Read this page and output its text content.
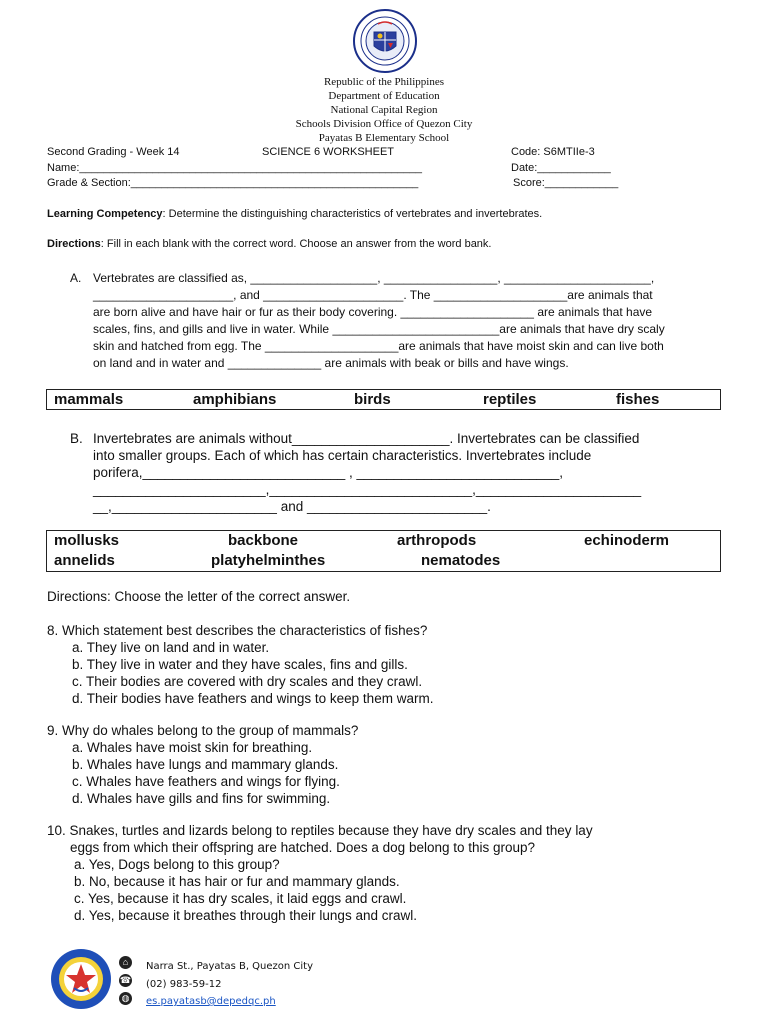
Republic of the Philippines
Department of Education
National Capital Region
Schools Division Office of Quezon City
Payatas B Elementary School
Second Grading - Week 14	SCIENCE 6 WORKSHEET	Code: S6MTIIe-3
Name:________________________________________________________	Date:____________
Grade & Section:_______________________________________________	Score:____________
Learning Competency: Determine the distinguishing characteristics of vertebrates and invertebrates.
Directions: Fill in each blank with the correct word. Choose an answer from the word bank.
A. Vertebrates are classified as, ___________________, _________________, ______________________,
_____________________, and _____________________. The ____________________are animals that
are born alive and have hair or fur as their body covering. ____________________ are animals that have
scales, fins, and gills and live in water. While _________________________are animals that have dry scaly
skin and hatched from egg. The ____________________are animals that have moist skin and can live both
on land and in water and ______________ are animals with beak or bills and have wings.
mammals	amphibians	birds	reptiles	fishes
B. Invertebrates are animals without_____________________. Invertebrates can be classified
into smaller groups. Each of which has certain characteristics. Invertebrates include
porifera,___________________________ , ___________________________,
_______________________,___________________________,______________________
__,______________________ and ________________________.
mollusks	backbone	arthropods	echinoderm
annelids	platyhelminthes	nematodes
Directions: Choose the letter of the correct answer.
8. Which statement best describes the characteristics of fishes?
a. They live on land and in water.
b. They live in water and they have scales, fins and gills.
c. Their bodies are covered with dry scales and they crawl.
d. Their bodies have feathers and wings to keep them warm.
9. Why do whales belong to the group of mammals?
a. Whales have moist skin for breathing.
b. Whales have lungs and mammary glands.
c. Whales have feathers and wings for flying.
d. Whales have gills and fins for swimming.
10. Snakes, turtles and lizards belong to reptiles because they have dry scales and they lay
eggs from which their offspring are hatched. Does a dog belong to this group?
a. Yes, Dogs belong to this group?
b. No, because it has hair or fur and mammary glands.
c. Yes, because it has dry scales, it laid eggs and crawl.
d. Yes, because it breathes through their lungs and crawl.
⌂	Narra St., Payatas B, Quezon City
☎ (02) 983-59-12
◍ es.payatasb@depedqc.ph
